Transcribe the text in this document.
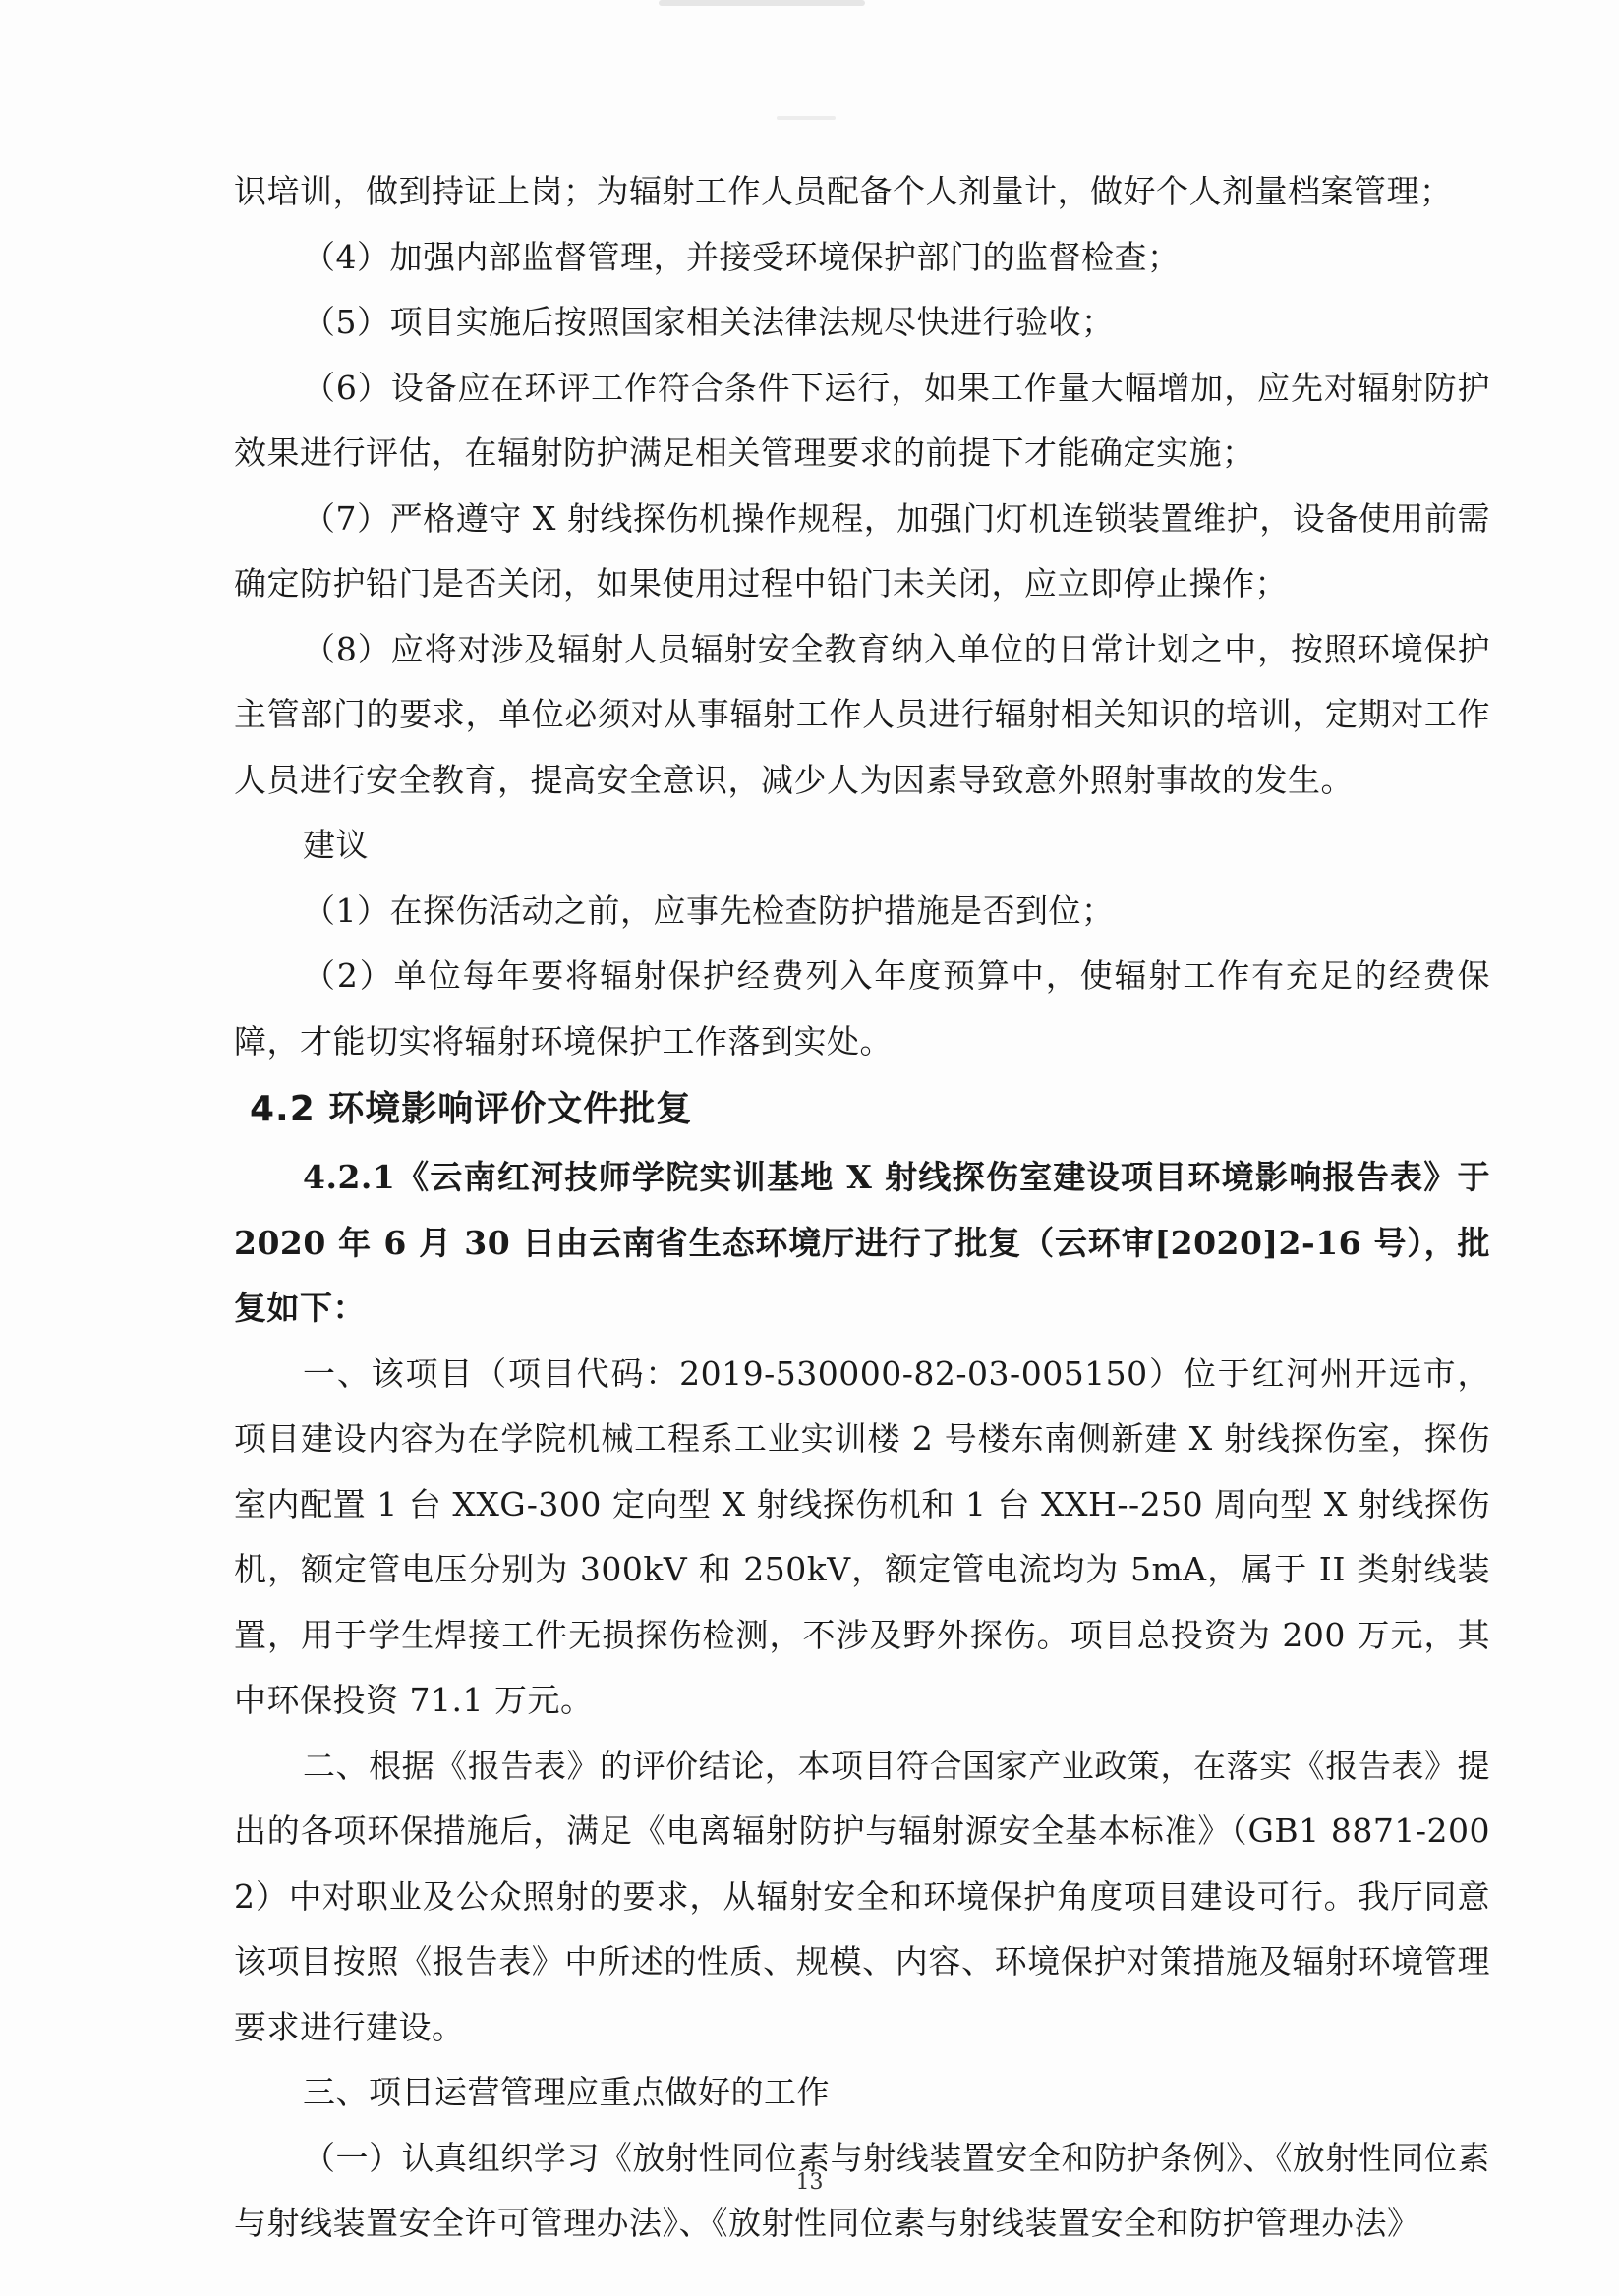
识培训，做到持证上岗；为辐射工作人员配备个人剂量计，做好个人剂量档案管理；

（4）加强内部监督管理，并接受环境保护部门的监督检查；

（5）项目实施后按照国家相关法律法规尽快进行验收；

（6）设备应在环评工作符合条件下运行，如果工作量大幅增加，应先对辐射防护效果进行评估，在辐射防护满足相关管理要求的前提下才能确定实施；

（7）严格遵守 X 射线探伤机操作规程，加强门灯机连锁装置维护，设备使用前需确定防护铅门是否关闭，如果使用过程中铅门未关闭，应立即停止操作；

（8）应将对涉及辐射人员辐射安全教育纳入单位的日常计划之中，按照环境保护主管部门的要求，单位必须对从事辐射工作人员进行辐射相关知识的培训，定期对工作人员进行安全教育，提高安全意识，减少人为因素导致意外照射事故的发生。

建议

（1）在探伤活动之前，应事先检查防护措施是否到位；

（2）单位每年要将辐射保护经费列入年度预算中，使辐射工作有充足的经费保障，才能切实将辐射环境保护工作落到实处。

4.2 环境影响评价文件批复

4.2.1《云南红河技师学院实训基地 X 射线探伤室建设项目环境影响报告表》于 2020 年 6 月 30 日由云南省生态环境厅进行了批复（云环审[2020]2-16 号），批复如下：

一、该项目（项目代码：2019-530000-82-03-005150）位于红河州开远市，项目建设内容为在学院机械工程系工业实训楼 2 号楼东南侧新建 X 射线探伤室，探伤室内配置 1 台 XXG-300 定向型 X 射线探伤机和 1 台 XXH--250 周向型 X 射线探伤机，额定管电压分别为 300kV 和 250kV，额定管电流均为 5mA，属于 II 类射线装置，用于学生焊接工件无损探伤检测，不涉及野外探伤。项目总投资为 200 万元，其中环保投资 71.1 万元。

二、根据《报告表》的评价结论，本项目符合国家产业政策，在落实《报告表》提出的各项环保措施后，满足《电离辐射防护与辐射源安全基本标准》（GB1 8871-2002）中对职业及公众照射的要求，从辐射安全和环境保护角度项目建设可行。我厅同意该项目按照《报告表》中所述的性质、规模、内容、环境保护对策措施及辐射环境管理要求进行建设。

三、项目运营管理应重点做好的工作

（一）认真组织学习《放射性同位素与射线装置安全和防护条例》、《放射性同位素与射线装置安全许可管理办法》、《放射性同位素与射线装置安全和防护管理办法》

13
